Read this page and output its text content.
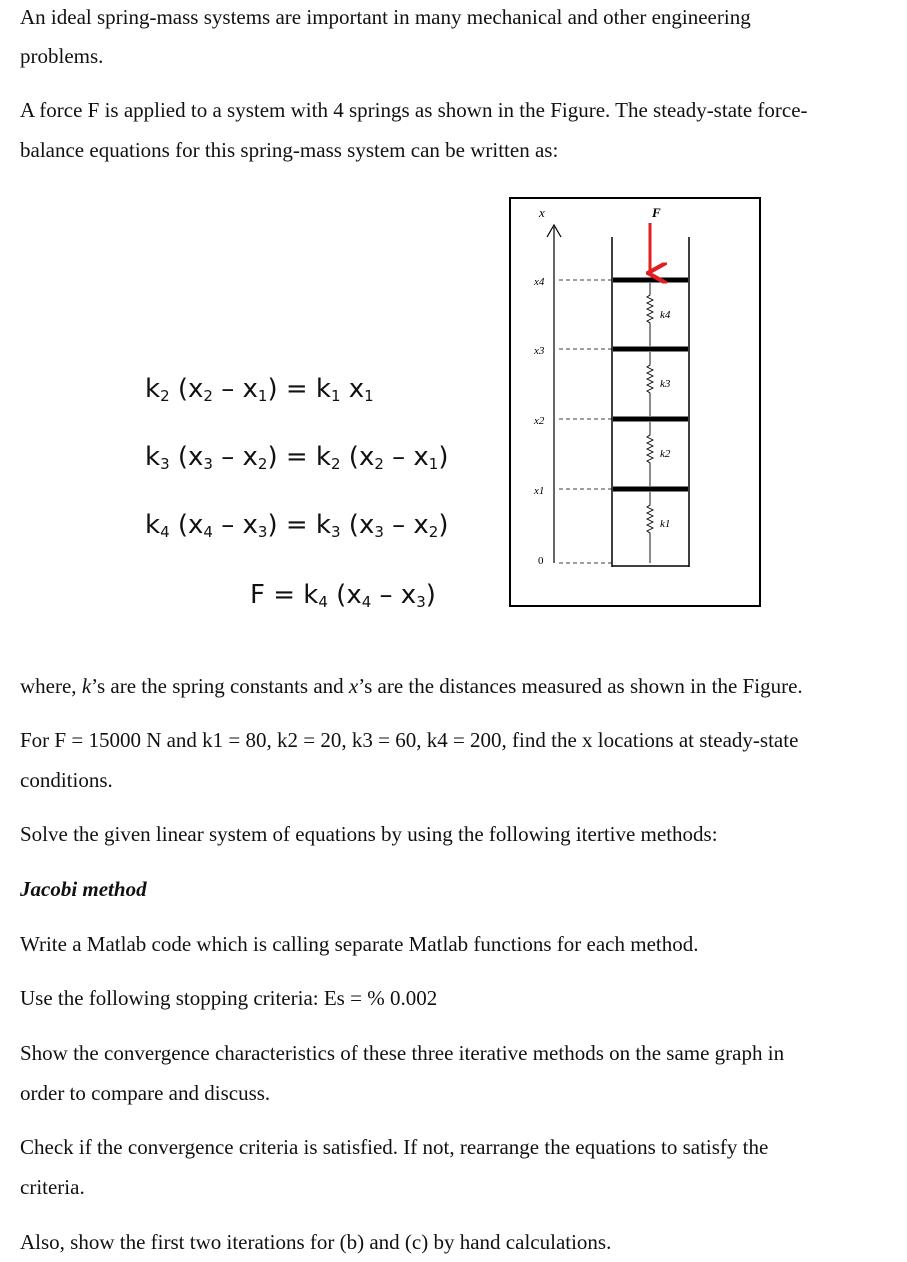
An ideal spring-mass systems are important in many mechanical and other engineering

problems.

A force F is applied to a system with 4 springs as shown in the Figure. The steady-state force-

balance equations for this spring-mass system can be written as:

$k_2$ $(x_2 - x_1) = k_1$ $x_1$
$k_3$ $(x_3 - x_2) = k_2$ $(x_2 - x_1)$
$k_4$ $(x_4 - x_3) = k_3$ $(x_3 - x_2)$
$F = k_4$ $(x_4 - x_3)$
x
x4
x3
x2
x1
0
k4
k3
k2
k1
F

where, k’s are the spring constants and x’s are the distances measured as shown in the Figure.

For F = 15000 N and k1 = 80, k2 = 20, k3 = 60, k4 = 200, find the x locations at steady-state

conditions.

Solve the given linear system of equations by using the following itertive methods:

Jacobi method

Write a Matlab code which is calling separate Matlab functions for each method.

Use the following stopping criteria: Es = % 0.002

Show the convergence characteristics of these three iterative methods on the same graph in

order to compare and discuss.

Check if the convergence criteria is satisfied. If not, rearrange the equations to satisfy the

criteria.

Also, show the first two iterations for (b) and (c) by hand calculations.
